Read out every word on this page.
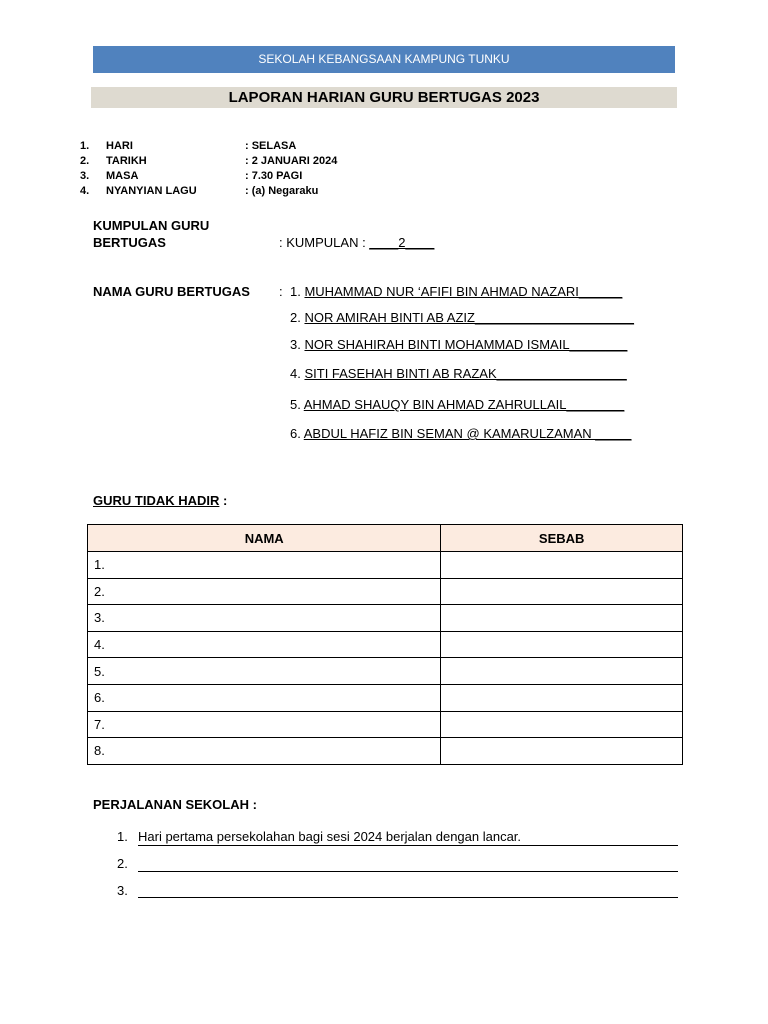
SEKOLAH KEBANGSAAN KAMPUNG TUNKU
LAPORAN HARIAN GURU BERTUGAS 2023
1.	HARI	: SELASA
2.	TARIKH	: 2 JANUARI 2024
3.	MASA	: 7.30 PAGI
4.	NYANYIAN LAGU	: (a) Negaraku
KUMPULAN GURU
BERTUGAS	: KUMPULAN : ____2____
NAMA GURU BERTUGAS : 1. MUHAMMAD NUR ‘AFIFI BIN AHMAD NAZARI______
2. NOR AMIRAH BINTI AB AZIZ______________________
3. NOR SHAHIRAH BINTI MOHAMMAD ISMAIL________
4. SITI FASEHAH BINTI AB RAZAK__________________
5. AHMAD SHAUQY BIN AHMAD ZAHRULLAIL________
6. ABDUL HAFIZ BIN SEMAN @ KAMARULZAMAN _____
GURU TIDAK HADIR :
NAMA	SEBAB
1.	
2.	
3.	
4.	
5.	
6.	
7.	
8.	
PERJALANAN SEKOLAH :
1. Hari pertama persekolahan bagi sesi 2024 berjalan dengan lancar.
2.
3.
